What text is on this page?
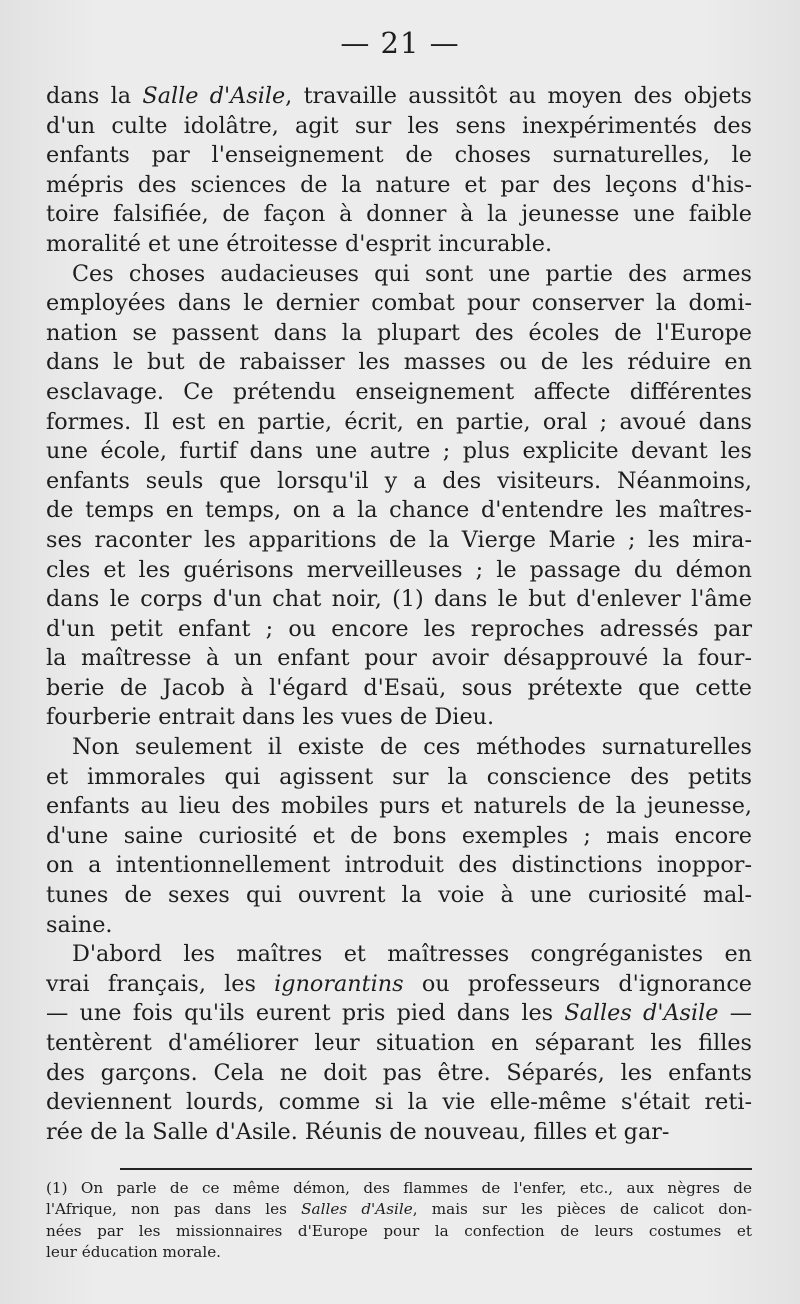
— 21 —
dans la Salle d'Asile, travaille aussitôt au moyen des objets
d'un culte idolâtre, agit sur les sens inexpérimentés des
enfants par l'enseignement de choses surnaturelles, le
mépris des sciences de la nature et par des leçons d'his-
toire falsifiée, de façon à donner à la jeunesse une faible
moralité et une étroitesse d'esprit incurable.
Ces choses audacieuses qui sont une partie des armes
employées dans le dernier combat pour conserver la domi-
nation se passent dans la plupart des écoles de l'Europe
dans le but de rabaisser les masses ou de les réduire en
esclavage. Ce prétendu enseignement affecte différentes
formes. Il est en partie, écrit, en partie, oral ; avoué dans
une école, furtif dans une autre ; plus explicite devant les
enfants seuls que lorsqu'il y a des visiteurs. Néanmoins,
de temps en temps, on a la chance d'entendre les maîtres-
ses raconter les apparitions de la Vierge Marie ; les mira-
cles et les guérisons merveilleuses ; le passage du démon
dans le corps d'un chat noir, (1) dans le but d'enlever l'âme
d'un petit enfant ; ou encore les reproches adressés par
la maîtresse à un enfant pour avoir désapprouvé la four-
berie de Jacob à l'égard d'Esaü, sous prétexte que cette
fourberie entrait dans les vues de Dieu.
Non seulement il existe de ces méthodes surnaturelles
et immorales qui agissent sur la conscience des petits
enfants au lieu des mobiles purs et naturels de la jeunesse,
d'une saine curiosité et de bons exemples ; mais encore
on a intentionnellement introduit des distinctions inoppor-
tunes de sexes qui ouvrent la voie à une curiosité mal-
saine.
D'abord les maîtres et maîtresses congréganistes en
vrai français, les ignorantins ou professeurs d'ignorance
— une fois qu'ils eurent pris pied dans les Salles d'Asile —
tentèrent d'améliorer leur situation en séparant les filles
des garçons. Cela ne doit pas être. Séparés, les enfants
deviennent lourds, comme si la vie elle-même s'était reti-
rée de la Salle d'Asile. Réunis de nouveau, filles et gar-
(1) On parle de ce même démon, des flammes de l'enfer, etc., aux nègres de
l'Afrique, non pas dans les Salles d'Asile, mais sur les pièces de calicot don-
nées par les missionnaires d'Europe pour la confection de leurs costumes et
leur éducation morale.
